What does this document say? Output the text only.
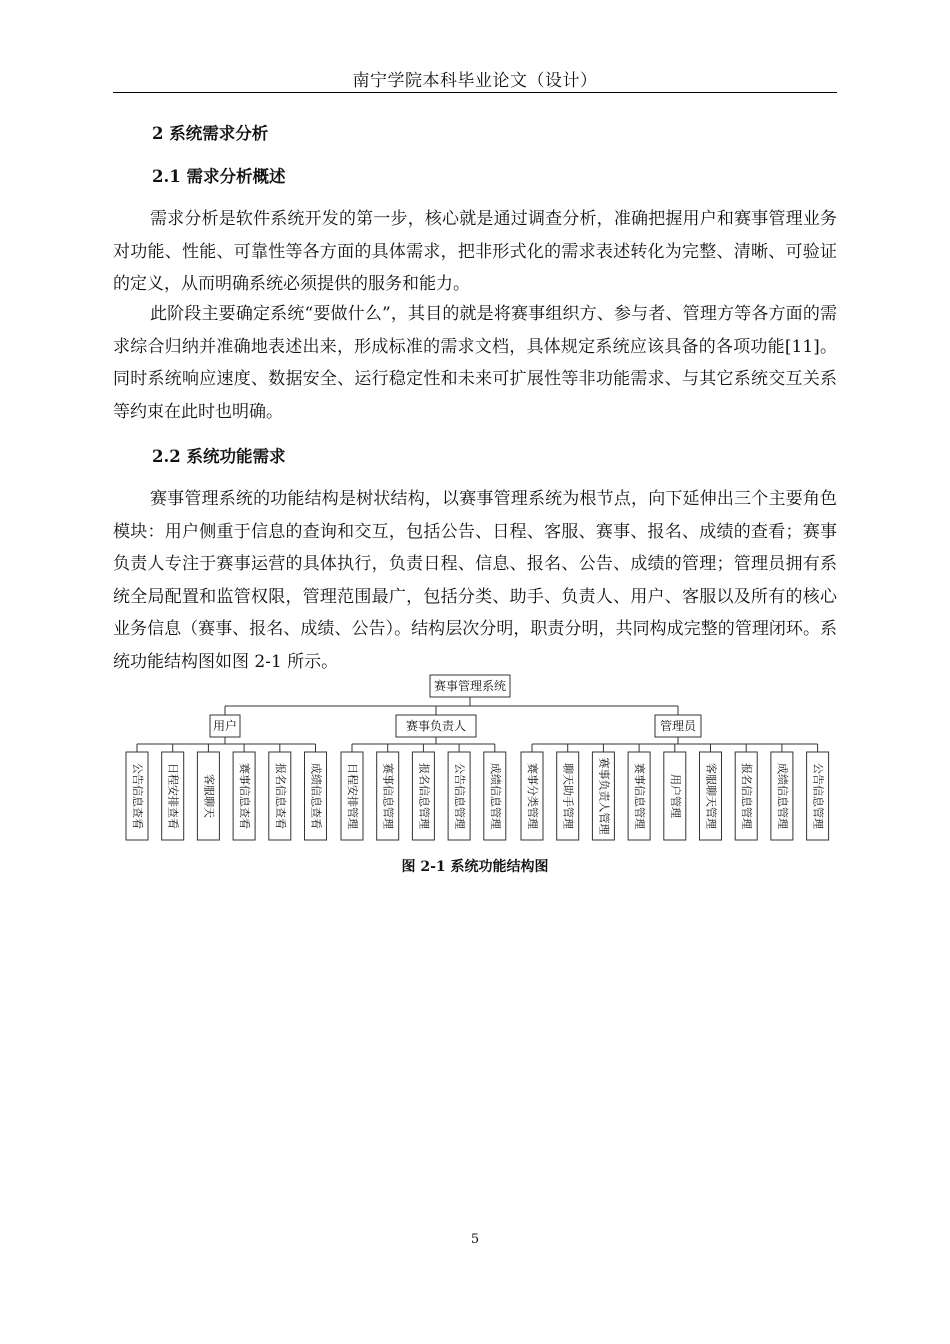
南宁学院本科毕业论文（设计）
2 系统需求分析
2.1 需求分析概述

需求分析是软件系统开发的第一步，核心就是通过调查分析，准确把握用户和赛事管理业务对功能、性能、可靠性等各方面的具体需求，把非形式化的需求表述转化为完整、清晰、可验证的定义，从而明确系统必须提供的服务和能力。

此阶段主要确定系统“要做什么”，其目的就是将赛事组织方、参与者、管理方等各方面的需求综合归纳并准确地表述出来，形成标准的需求文档，具体规定系统应该具备的各项功能[11]。同时系统响应速度、数据安全、运行稳定性和未来可扩展性等非功能需求、与其它系统交互关系等约束在此时也明确。

2.2 系统功能需求

赛事管理系统的功能结构是树状结构，以赛事管理系统为根节点，向下延伸出三个主要角色模块：用户侧重于信息的查询和交互，包括公告、日程、客服、赛事、报名、成绩的查看；赛事负责人专注于赛事运营的具体执行，负责日程、信息、报名、公告、成绩的管理；管理员拥有系统全局配置和监管权限，管理范围最广，包括分类、助手、负责人、用户、客服以及所有的核心业务信息（赛事、报名、成绩、公告）。结构层次分明，职责分明，共同构成完整的管理闭环。系统功能结构图如图 2-1 所示。

赛事管理系统
用户
公告信息查看 日程安排查看 客服聊天 赛事信息查看 报名信息查看 成绩信息查看
赛事负责人
日程安排管理 赛事信息管理 报名信息管理 公告信息管理 成绩信息管理
管理员
赛事分类管理 聊天助手管理 赛事负责人管理 赛事信息管理 用户管理 客服聊天管理 报名信息管理 成绩信息管理 公告信息管理
图 2-1 系统功能结构图
5
